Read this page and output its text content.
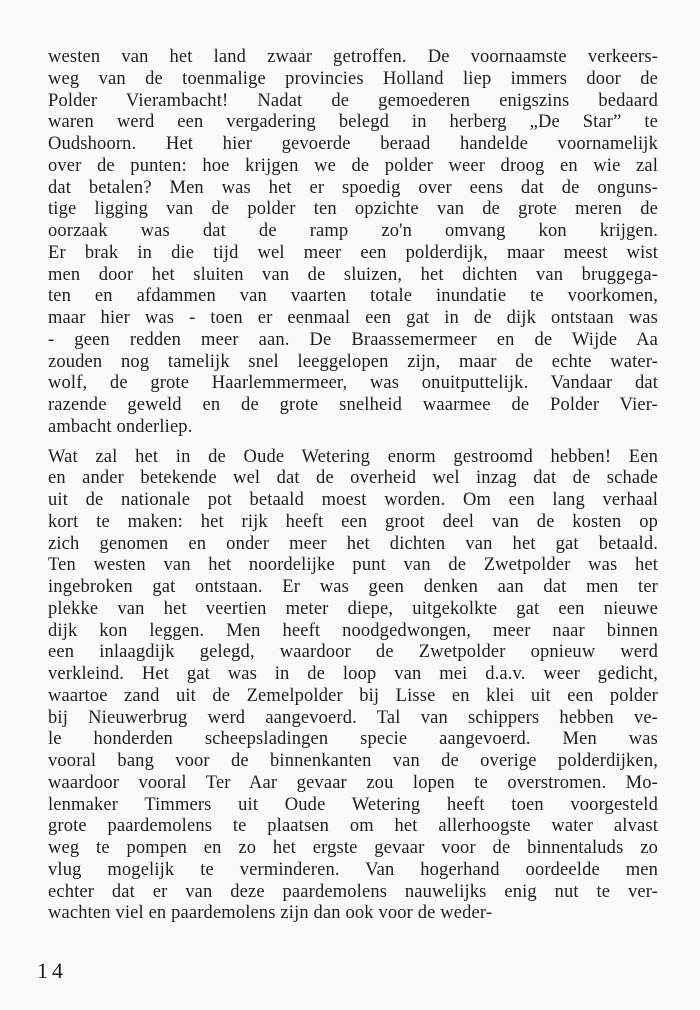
westen van het land zwaar getroffen. De voornaamste verkeers-
weg van de toenmalige provincies Holland liep immers door de
Polder Vierambacht! Nadat de gemoederen enigszins bedaard
waren werd een vergadering belegd in herberg „De Star” te
Oudshoorn. Het hier gevoerde beraad handelde voornamelijk
over de punten: hoe krijgen we de polder weer droog en wie zal
dat betalen? Men was het er spoedig over eens dat de onguns-
tige ligging van de polder ten opzichte van de grote meren de
oorzaak was dat de ramp zo'n omvang kon krijgen.
Er brak in die tijd wel meer een polderdijk, maar meest wist
men door het sluiten van de sluizen, het dichten van bruggega-
ten en afdammen van vaarten totale inundatie te voorkomen,
maar hier was - toen er eenmaal een gat in de dijk ontstaan was
- geen redden meer aan. De Braassemermeer en de Wijde Aa
zouden nog tamelijk snel leeggelopen zijn, maar de echte water-
wolf, de grote Haarlemmermeer, was onuitputtelijk. Vandaar dat
razende geweld en de grote snelheid waarmee de Polder Vier-
ambacht onderliep.
Wat zal het in de Oude Wetering enorm gestroomd hebben! Een
en ander betekende wel dat de overheid wel inzag dat de schade
uit de nationale pot betaald moest worden. Om een lang verhaal
kort te maken: het rijk heeft een groot deel van de kosten op
zich genomen en onder meer het dichten van het gat betaald.
Ten westen van het noordelijke punt van de Zwetpolder was het
ingebroken gat ontstaan. Er was geen denken aan dat men ter
plekke van het veertien meter diepe, uitgekolkte gat een nieuwe
dijk kon leggen. Men heeft noodgedwongen, meer naar binnen
een inlaagdijk gelegd, waardoor de Zwetpolder opnieuw werd
verkleind. Het gat was in de loop van mei d.a.v. weer gedicht,
waartoe zand uit de Zemelpolder bij Lisse en klei uit een polder
bij Nieuwerbrug werd aangevoerd. Tal van schippers hebben ve-
le honderden scheepsladingen specie aangevoerd. Men was
vooral bang voor de binnenkanten van de overige polderdijken,
waardoor vooral Ter Aar gevaar zou lopen te overstromen. Mo-
lenmaker Timmers uit Oude Wetering heeft toen voorgesteld
grote paardemolens te plaatsen om het allerhoogste water alvast
weg te pompen en zo het ergste gevaar voor de binnentaluds zo
vlug mogelijk te verminderen. Van hogerhand oordeelde men
echter dat er van deze paardemolens nauwelijks enig nut te ver-
wachten viel en paardemolens zijn dan ook voor de weder-
14
